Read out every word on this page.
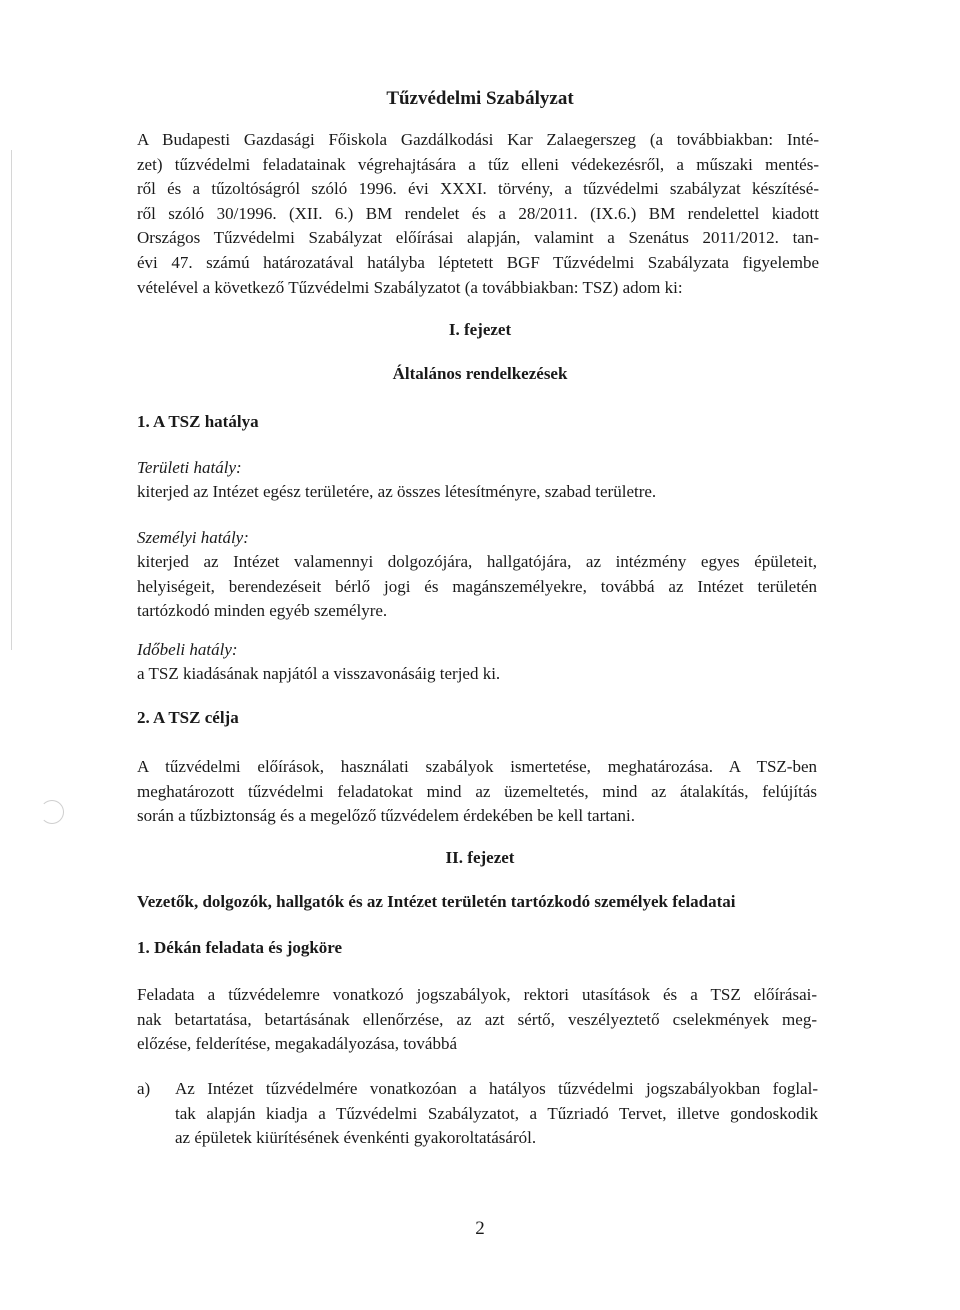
Tűzvédelmi Szabályzat
A Budapesti Gazdasági Főiskola Gazdálkodási Kar Zalaegerszeg (a továbbiakban: Inté-
zet) tűzvédelmi feladatainak végrehajtására a tűz elleni védekezésről, a műszaki mentés-
ről és a tűzoltóságról szóló 1996. évi XXXI. törvény, a tűzvédelmi szabályzat készítésé-
ről szóló 30/1996. (XII. 6.) BM rendelet és a 28/2011. (IX.6.) BM rendelettel kiadott
Országos Tűzvédelmi Szabályzat előírásai alapján, valamint a Szenátus 2011/2012. tan-
évi 47. számú határozatával hatályba léptetett BGF Tűzvédelmi Szabályzata figyelembe
vételével a következő Tűzvédelmi Szabályzatot (a továbbiakban: TSZ) adom ki:
I. fejezet
Általános rendelkezések
1. A TSZ hatálya
Területi hatály:
kiterjed az Intézet egész területére, az összes létesítményre, szabad területre.
Személyi hatály:
kiterjed az Intézet valamennyi dolgozójára, hallgatójára, az intézmény egyes épületeit,
helyiségeit, berendezéseit bérlő jogi és magánszemélyekre, továbbá az Intézet területén
tartózkodó minden egyéb személyre.
Időbeli hatály:
a TSZ kiadásának napjától a visszavonásáig terjed ki.
2. A TSZ célja
A tűzvédelmi előírások, használati szabályok ismertetése, meghatározása. A TSZ-ben
meghatározott tűzvédelmi feladatokat mind az üzemeltetés, mind az átalakítás, felújítás
során a tűzbiztonság és a megelőző tűzvédelem érdekében be kell tartani.
II. fejezet
Vezetők, dolgozók, hallgatók és az Intézet területén tartózkodó személyek feladatai
1. Dékán feladata és jogköre
Feladata a tűzvédelemre vonatkozó jogszabályok, rektori utasítások és a TSZ előírásai-
nak betartatása, betartásának ellenőrzése, az azt sértő, veszélyeztető cselekmények meg-
előzése, felderítése, megakadályozása, továbbá
a) Az Intézet tűzvédelmére vonatkozóan a hatályos tűzvédelmi jogszabályokban foglal-
tak alapján kiadja a Tűzvédelmi Szabályzatot, a Tűzriadó Tervet, illetve gondoskodik
az épületek kiürítésének évenkénti gyakoroltatásáról.
2
